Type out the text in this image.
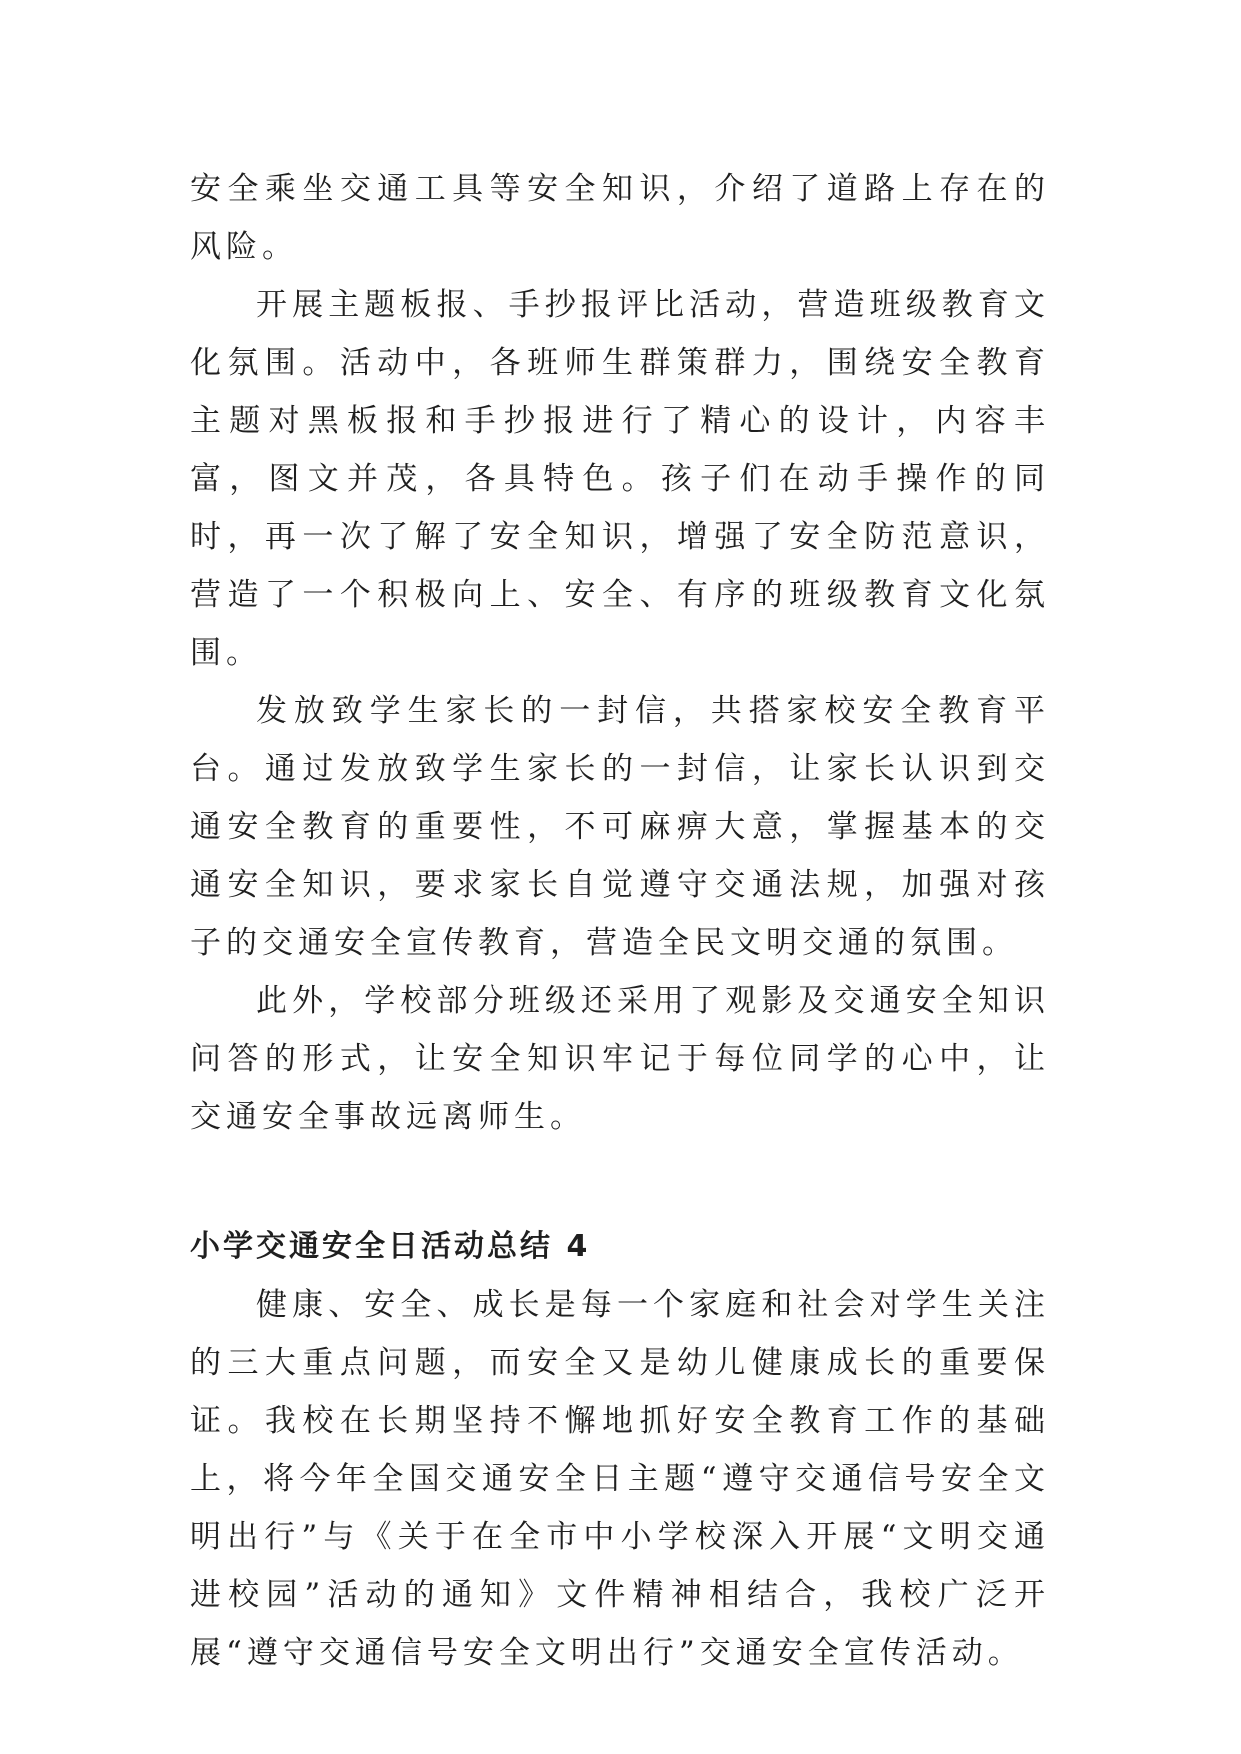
安全乘坐交通工具等安全知识，介绍了道路上存在的风险。

开展主题板报、手抄报评比活动，营造班级教育文化氛围。活动中，各班师生群策群力，围绕安全教育主题对黑板报和手抄报进行了精心的设计，内容丰富，图文并茂，各具特色。孩子们在动手操作的同时，再一次了解了安全知识，增强了安全防范意识，营造了一个积极向上、安全、有序的班级教育文化氛围。

发放致学生家长的一封信，共搭家校安全教育平台。通过发放致学生家长的一封信，让家长认识到交通安全教育的重要性，不可麻痹大意，掌握基本的交通安全知识，要求家长自觉遵守交通法规，加强对孩子的交通安全宣传教育，营造全民文明交通的氛围。

此外，学校部分班级还采用了观影及交通安全知识问答的形式，让安全知识牢记于每位同学的心中，让交通安全事故远离师生。

小学交通安全日活动总结 4

健康、安全、成长是每一个家庭和社会对学生关注的三大重点问题，而安全又是幼儿健康成长的重要保证。我校在长期坚持不懈地抓好安全教育工作的基础上，将今年全国交通安全日主题“遵守交通信号安全文明出行”与《关于在全市中小学校深入开展“文明交通进校园”活动的通知》文件精神相结合，我校广泛开展“遵守交通信号安全文明出行”交通安全宣传活动。
